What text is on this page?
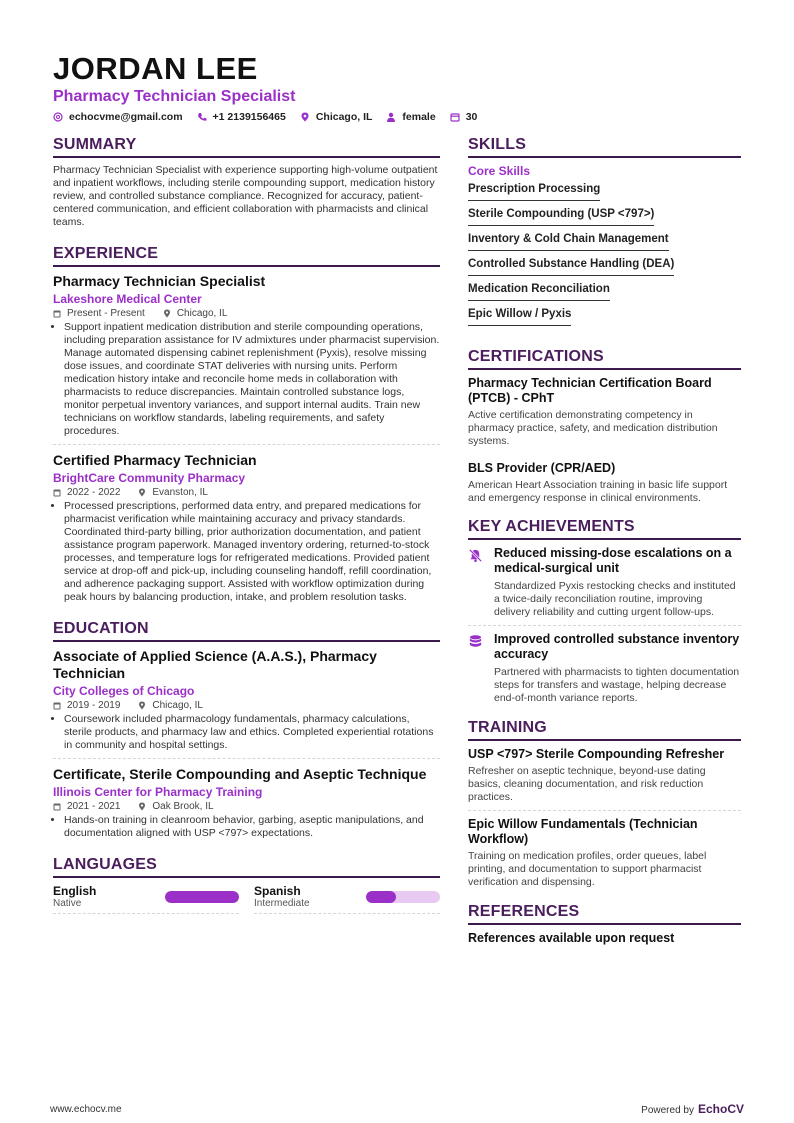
JORDAN LEE
Pharmacy Technician Specialist
echocvme@gmail.com	+1 2139156465	Chicago, IL	female	30
SUMMARY
Pharmacy Technician Specialist with experience supporting high-volume outpatient and inpatient workflows, including sterile compounding support, medication history review, and controlled substance compliance. Recognized for accuracy, patient-centered communication, and efficient collaboration with pharmacists and clinical teams.
EXPERIENCE
Pharmacy Technician Specialist
Lakeshore Medical Center
Present - Present	Chicago, IL
• Support inpatient medication distribution and sterile compounding operations, including preparation assistance for IV admixtures under pharmacist supervision. Manage automated dispensing cabinet replenishment (Pyxis), resolve missing dose issues, and coordinate STAT deliveries with nursing units. Perform medication history intake and reconcile home meds in collaboration with pharmacists to reduce discrepancies. Maintain controlled substance logs, monitor perpetual inventory variances, and support internal audits. Train new technicians on workflow standards, labeling requirements, and safety procedures.
Certified Pharmacy Technician
BrightCare Community Pharmacy
2022 - 2022	Evanston, IL
• Processed prescriptions, performed data entry, and prepared medications for pharmacist verification while maintaining accuracy and privacy standards. Coordinated third-party billing, prior authorization documentation, and patient assistance program paperwork. Managed inventory ordering, returned-to-stock processes, and temperature logs for refrigerated medications. Provided patient service at drop-off and pick-up, including counseling handoff, refill coordination, and adherence packaging support. Assisted with workflow optimization during peak hours by balancing production, intake, and problem resolution tasks.
EDUCATION
Associate of Applied Science (A.A.S.), Pharmacy Technician
City Colleges of Chicago
2019 - 2019	Chicago, IL
• Coursework included pharmacology fundamentals, pharmacy calculations, sterile products, and pharmacy law and ethics. Completed experiential rotations in community and hospital settings.
Certificate, Sterile Compounding and Aseptic Technique
Illinois Center for Pharmacy Training
2021 - 2021	Oak Brook, IL
• Hands-on training in cleanroom behavior, garbing, aseptic manipulations, and documentation aligned with USP <797> expectations.
LANGUAGES
English
Native
Spanish
Intermediate
SKILLS
Core Skills
Prescription Processing
Sterile Compounding (USP <797>)
Inventory & Cold Chain Management
Controlled Substance Handling (DEA)
Medication Reconciliation
Epic Willow / Pyxis
CERTIFICATIONS
Pharmacy Technician Certification Board (PTCB) - CPhT
Active certification demonstrating competency in pharmacy practice, safety, and medication distribution systems.
BLS Provider (CPR/AED)
American Heart Association training in basic life support and emergency response in clinical environments.
KEY ACHIEVEMENTS
Reduced missing-dose escalations on a medical-surgical unit
Standardized Pyxis restocking checks and instituted a twice-daily reconciliation routine, improving delivery reliability and cutting urgent follow-ups.
Improved controlled substance inventory accuracy
Partnered with pharmacists to tighten documentation steps for transfers and wastage, helping decrease end-of-month variance reports.
TRAINING
USP <797> Sterile Compounding Refresher
Refresher on aseptic technique, beyond-use dating basics, cleaning documentation, and risk reduction practices.
Epic Willow Fundamentals (Technician Workflow)
Training on medication profiles, order queues, label printing, and documentation to support pharmacist verification and dispensing.
REFERENCES
References available upon request
www.echocv.me	Powered by EchoCV
